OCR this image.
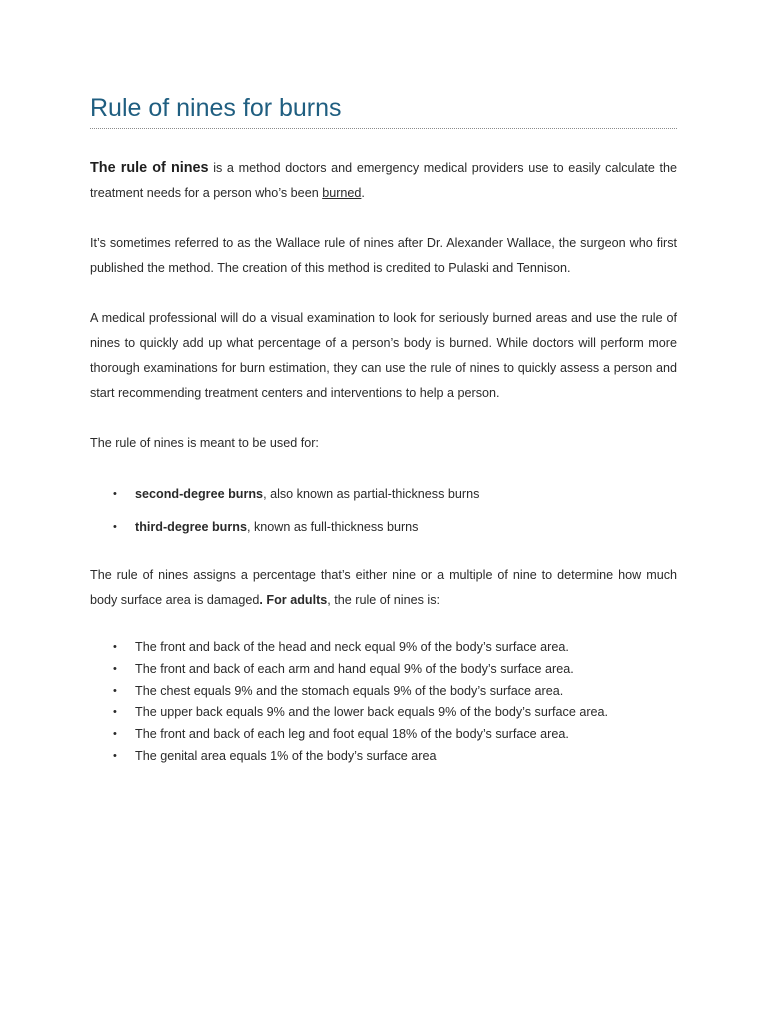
Rule of nines for burns

The rule of nines is a method doctors and emergency medical providers use to easily calculate the treatment needs for a person who’s been burned.

It’s sometimes referred to as the Wallace rule of nines after Dr. Alexander Wallace, the surgeon who first published the method. The creation of this method is credited to Pulaski and Tennison.

A medical professional will do a visual examination to look for seriously burned areas and use the rule of nines to quickly add up what percentage of a person’s body is burned. While doctors will perform more thorough examinations for burn estimation, they can use the rule of nines to quickly assess a person and start recommending treatment centers and interventions to help a person.

The rule of nines is meant to be used for:

• second-degree burns, also known as partial-thickness burns
• third-degree burns, known as full-thickness burns

The rule of nines assigns a percentage that’s either nine or a multiple of nine to determine how much body surface area is damaged. For adults, the rule of nines is:

• The front and back of the head and neck equal 9% of the body’s surface area.
• The front and back of each arm and hand equal 9% of the body’s surface area.
• The chest equals 9% and the stomach equals 9% of the body’s surface area.
• The upper back equals 9% and the lower back equals 9% of the body’s surface area.
• The front and back of each leg and foot equal 18% of the body’s surface area.
• The genital area equals 1% of the body’s surface area
